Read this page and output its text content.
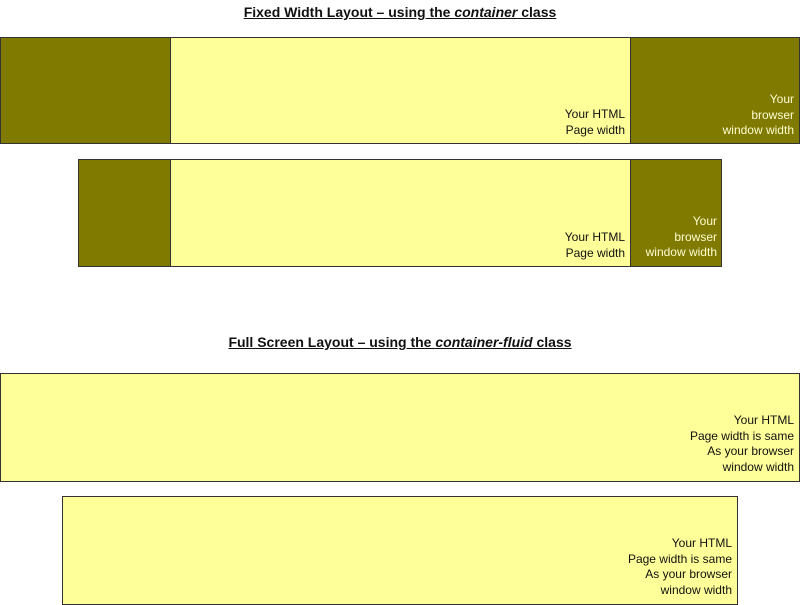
Fixed Width Layout – using the container class
Your HTML
Page width
Your
browser
window width
Your HTML
Page width
Your
browser
window width
Full Screen Layout – using the container-fluid class
Your HTML
Page width is same
As your browser
window width
Your HTML
Page width is same
As your browser
window width
